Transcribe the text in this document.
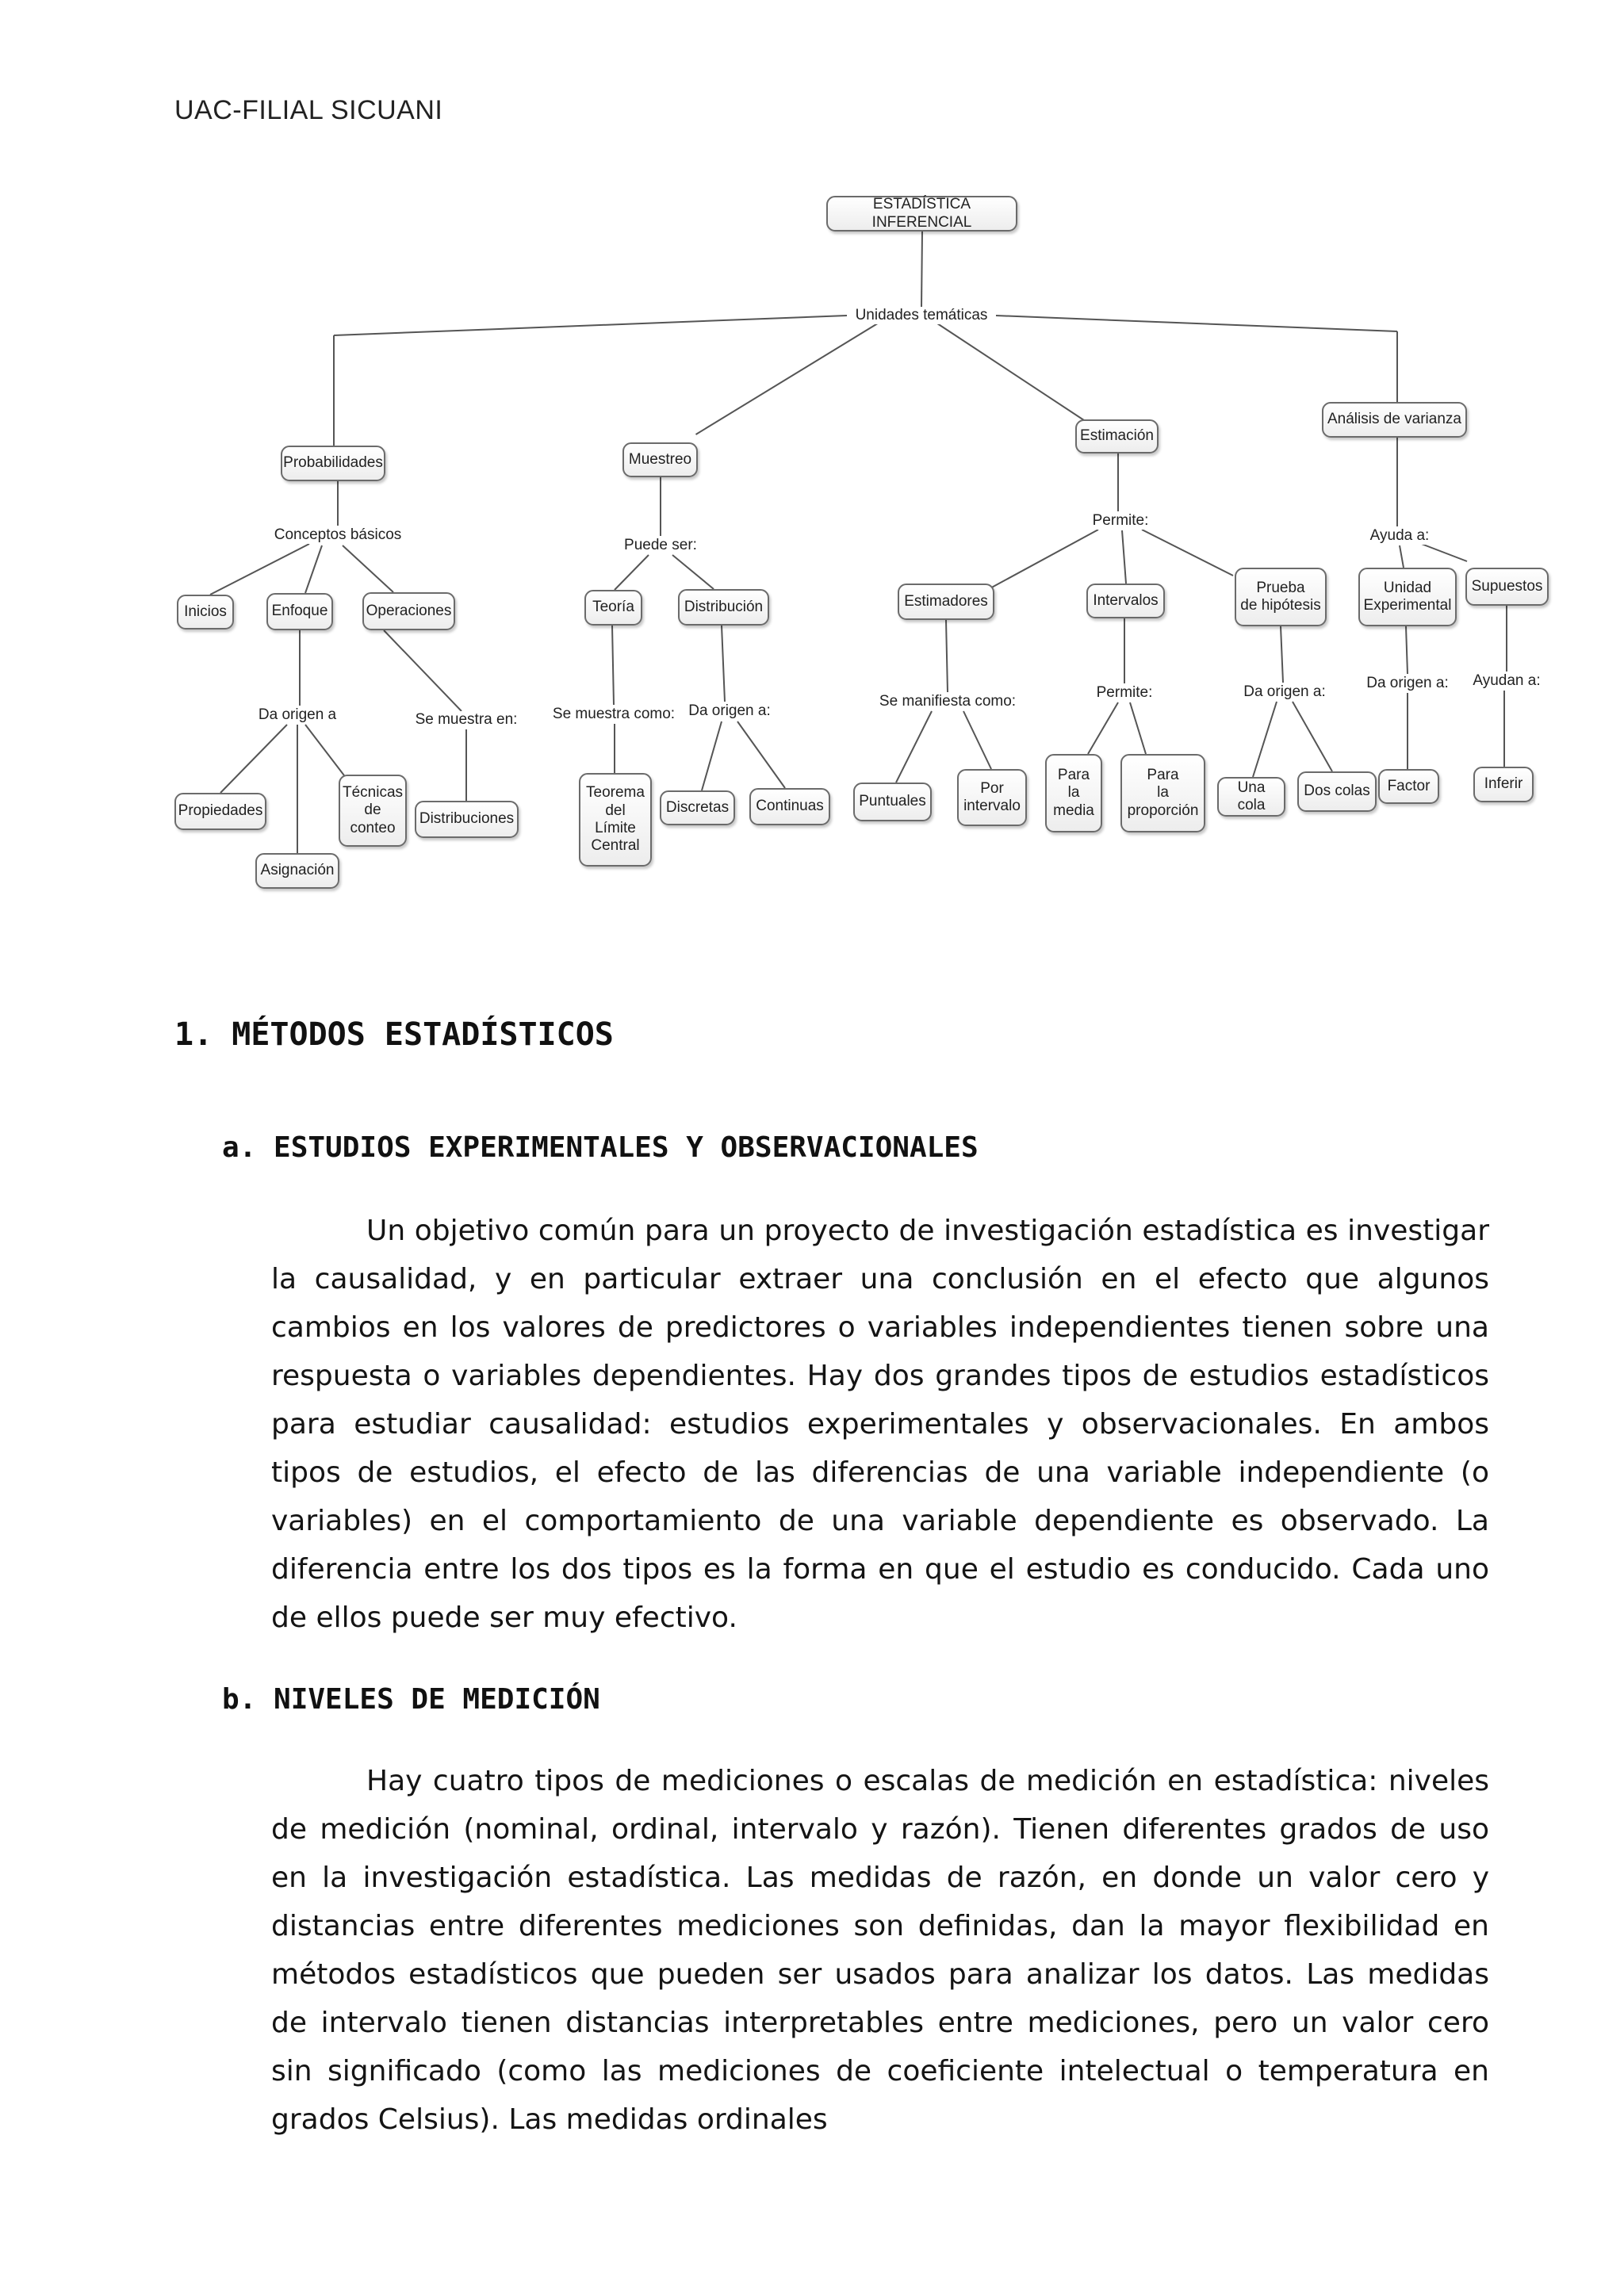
UAC-FILIAL SICUANI
ESTADÍSTICA INFERENCIAL
Probabilidades	Muestreo
Estimación
Análisis de varianza
Inicios	Enfoque	Operaciones	Teoría	Distribución	Estimadores	Intervalos
Prueba
de hipótesis
Unidad
Experimental
Supuestos
Propiedades
Asignación
Técnicas
de
conteo
Distribuciones
Teorema
del
Límite
Central
Discretas	Continuas	Puntuales
Por
intervalo
Para
la
media
Para
la
proporción
Una cola
Dos colas	Factor	Inferir
Unidades temáticas
Conceptos básicos
Puede ser:
Permite:
Ayuda a:
Da origen a	Se muestra en: Se muestra como: Da origen a:
Se manifiesta como:
Permite:	Da origen a:
Da origen a: Ayudan a:
1. MÉTODOS ESTADÍSTICOS
a. ESTUDIOS EXPERIMENTALES Y OBSERVACIONALES
Un objetivo común para un proyecto de investigación estadística es investigar la causalidad, y en particular extraer una conclusión en el efecto que algunos cambios en los valores de predictores o variables independientes tienen sobre una respuesta o variables dependientes. Hay dos grandes tipos de estudios estadísticos para estudiar causalidad: estudios experimentales y observacionales. En ambos tipos de estudios, el efecto de las diferencias de una variable independiente (o variables) en el comportamiento de una variable dependiente es observado. La diferencia entre los dos tipos es la forma en que el estudio es conducido. Cada uno de ellos puede ser muy efectivo.
b. NIVELES DE MEDICIÓN
Hay cuatro tipos de mediciones o escalas de medición en estadística: niveles de medición (nominal, ordinal, intervalo y razón). Tienen diferentes grados de uso en la investigación estadística. Las medidas de razón, en donde un valor cero y distancias entre diferentes mediciones son definidas, dan la mayor flexibilidad en métodos estadísticos que pueden ser usados para analizar los datos. Las medidas de intervalo tienen distancias interpretables entre mediciones, pero un valor cero sin significado (como las mediciones de coeficiente intelectual o temperatura en grados Celsius). Las medidas ordinales
